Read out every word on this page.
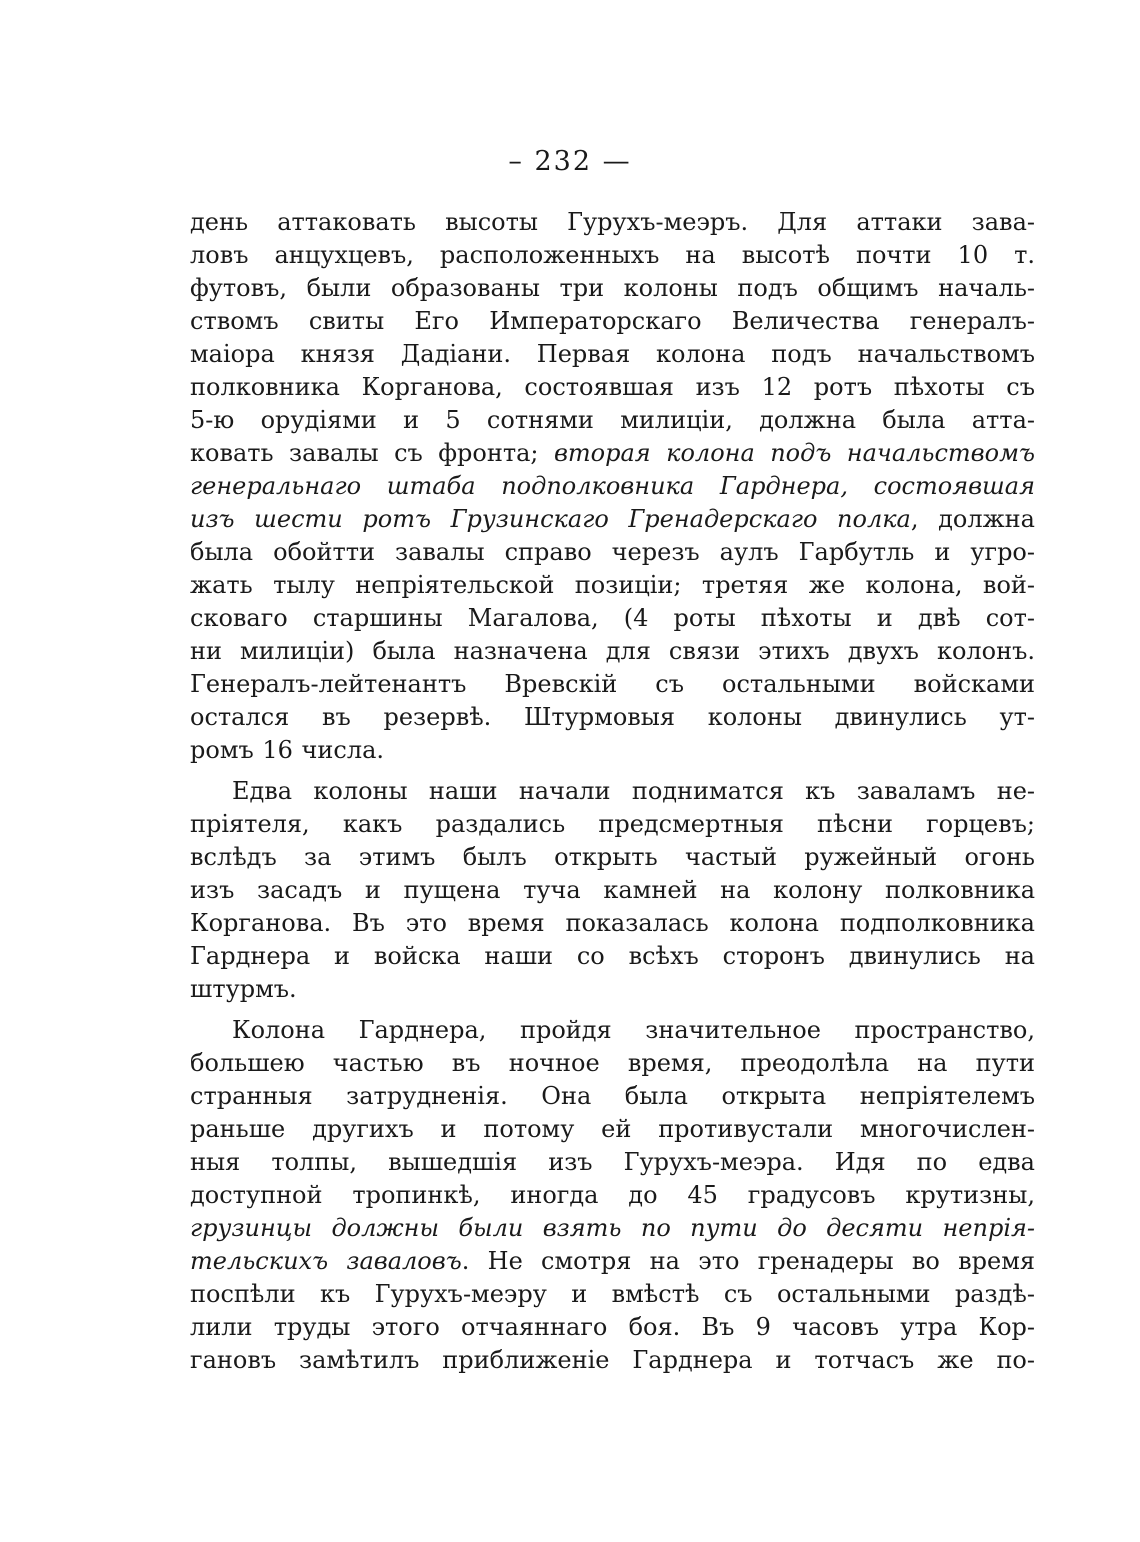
– 232 —
день аттаковать высоты Гурухъ-меэръ. Для аттаки зава-
ловъ анцухцевъ, расположенныхъ на высотѣ почти 10 т.
футовъ, были образованы три колоны подъ общимъ началь-
ствомъ свиты Его Императорскаго Величества генералъ-
маiора князя Дадiани. Первая колона подъ начальствомъ
полковника Корганова, состоявшая изъ 12 ротъ пѣхоты съ
5-ю орудiями и 5 сотнями милицiи, должна была атта-
ковать завалы съ фронта; вторая колона подъ начальствомъ
генеральнаго штаба подполковника Гарднера, состоявшая
изъ шести ротъ Грузинскаго Гренадерскаго полка, должна
была обойтти завалы справо черезъ аулъ Гарбутль и угро-
жать тылу непрiятельской позицiи; третяя же колона, вой-
сковаго старшины Магалова, (4 роты пѣхоты и двѣ сот-
ни милицiи) была назначена для связи этихъ двухъ колонъ.
Генералъ-лейтенантъ Вревскiй съ остальными войсками
остался въ резервѣ. Штурмовыя колоны двинулись ут-
ромъ 16 числа.
Едва колоны наши начали подниматся къ заваламъ не-
прiятеля, какъ раздались предсмертныя пѣсни горцевъ;
вслѣдъ за этимъ былъ открыть частый ружейный огонь
изъ засадъ и пущена туча камней на колону полковника
Корганова. Въ это время показалась колона подполковника
Гарднера и войска наши со всѣхъ сторонъ двинулись на
штурмъ.
Колона Гарднера, пройдя значительное пространство,
большею частью въ ночное время, преодолѣла на пути
странныя затрудненiя. Она была открыта непрiятелемъ
раньше другихъ и потому ей противустали многочислен-
ныя толпы, вышедшiя изъ Гурухъ-меэра. Идя по едва
доступной тропинкѣ, иногда до 45 градусовъ крутизны,
грузинцы должны были взять по пути до десяти непрiя-
тельскихъ заваловъ. Не смотря на это гренадеры во время
поспѣли къ Гурухъ-меэру и вмѣстѣ съ остальными раздѣ-
лили труды этого отчаяннаго боя. Въ 9 часовъ утра Кор-
гановъ замѣтилъ приближенiе Гарднера и тотчасъ же по-
